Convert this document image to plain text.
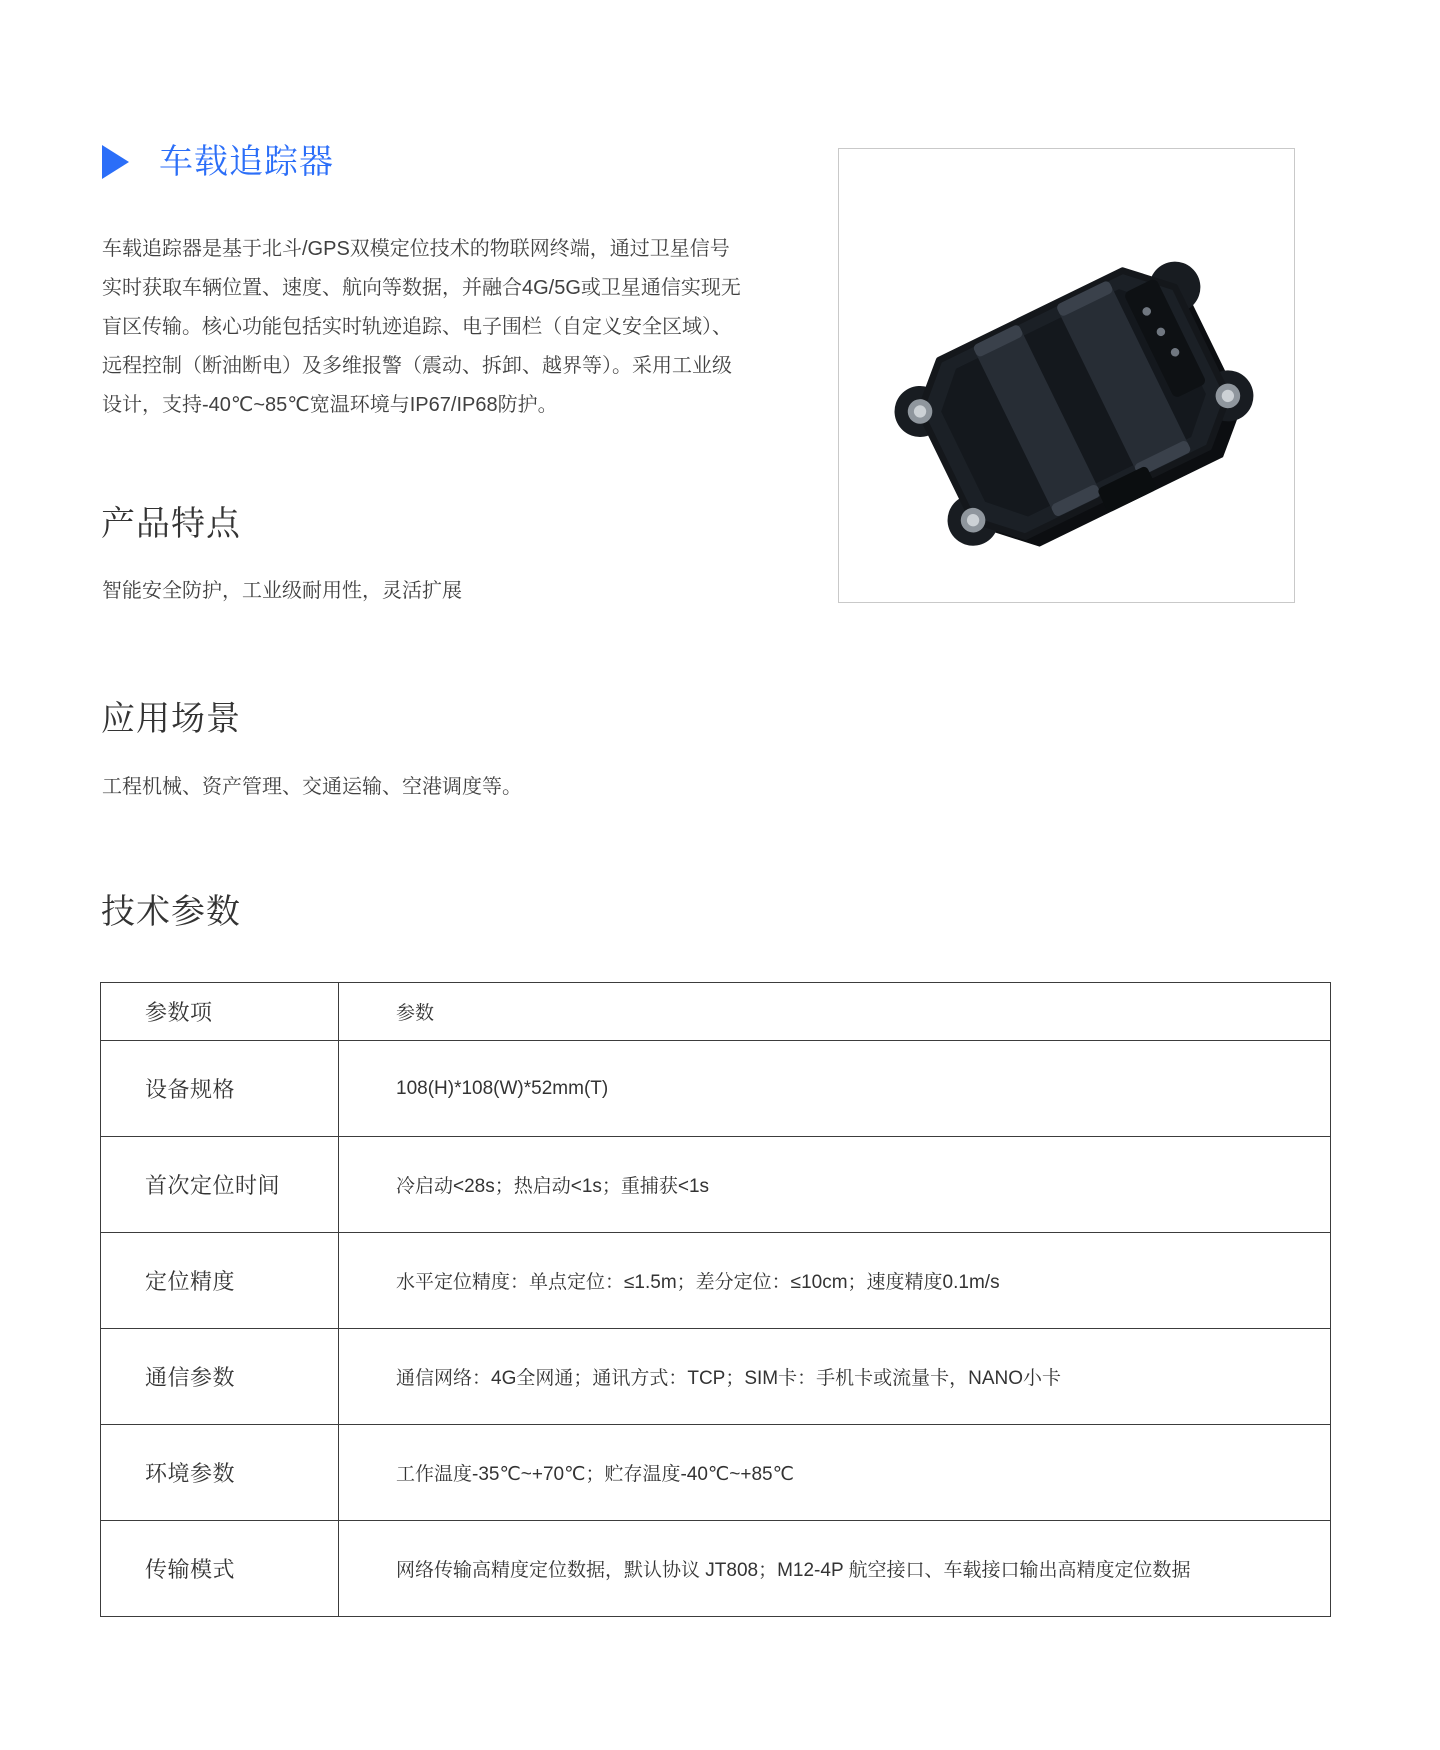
车载追踪器

车载追踪器是基于北斗/GPS双模定位技术的物联网终端，通过卫星信号

实时获取车辆位置、速度、航向等数据，并融合4G/5G或卫星通信实现无

盲区传输。核心功能包括实时轨迹追踪、电子围栏（自定义安全区域）、

远程控制（断油断电）及多维报警（震动、拆卸、越界等）。采用工业级

设计，支持-40℃~85℃宽温环境与IP67/IP68防护。

产品特点

智能安全防护，工业级耐用性，灵活扩展

应用场景

工程机械、资产管理、交通运输、空港调度等。

技术参数
参数项	参数
设备规格	108(H)*108(W)*52mm(T)
首次定位时间	冷启动<28s；热启动<1s；重捕获<1s
定位精度	水平定位精度：单点定位：≤1.5m；差分定位：≤10cm；速度精度0.1m/s
通信参数	通信网络：4G全网通；通讯方式：TCP；SIM卡：手机卡或流量卡，NANO小卡
环境参数	工作温度-35℃~+70℃；贮存温度-40℃~+85℃
传输模式	网络传输高精度定位数据，默认协议 JT808；M12-4P 航空接口、车载接口输出高精度定位数据
